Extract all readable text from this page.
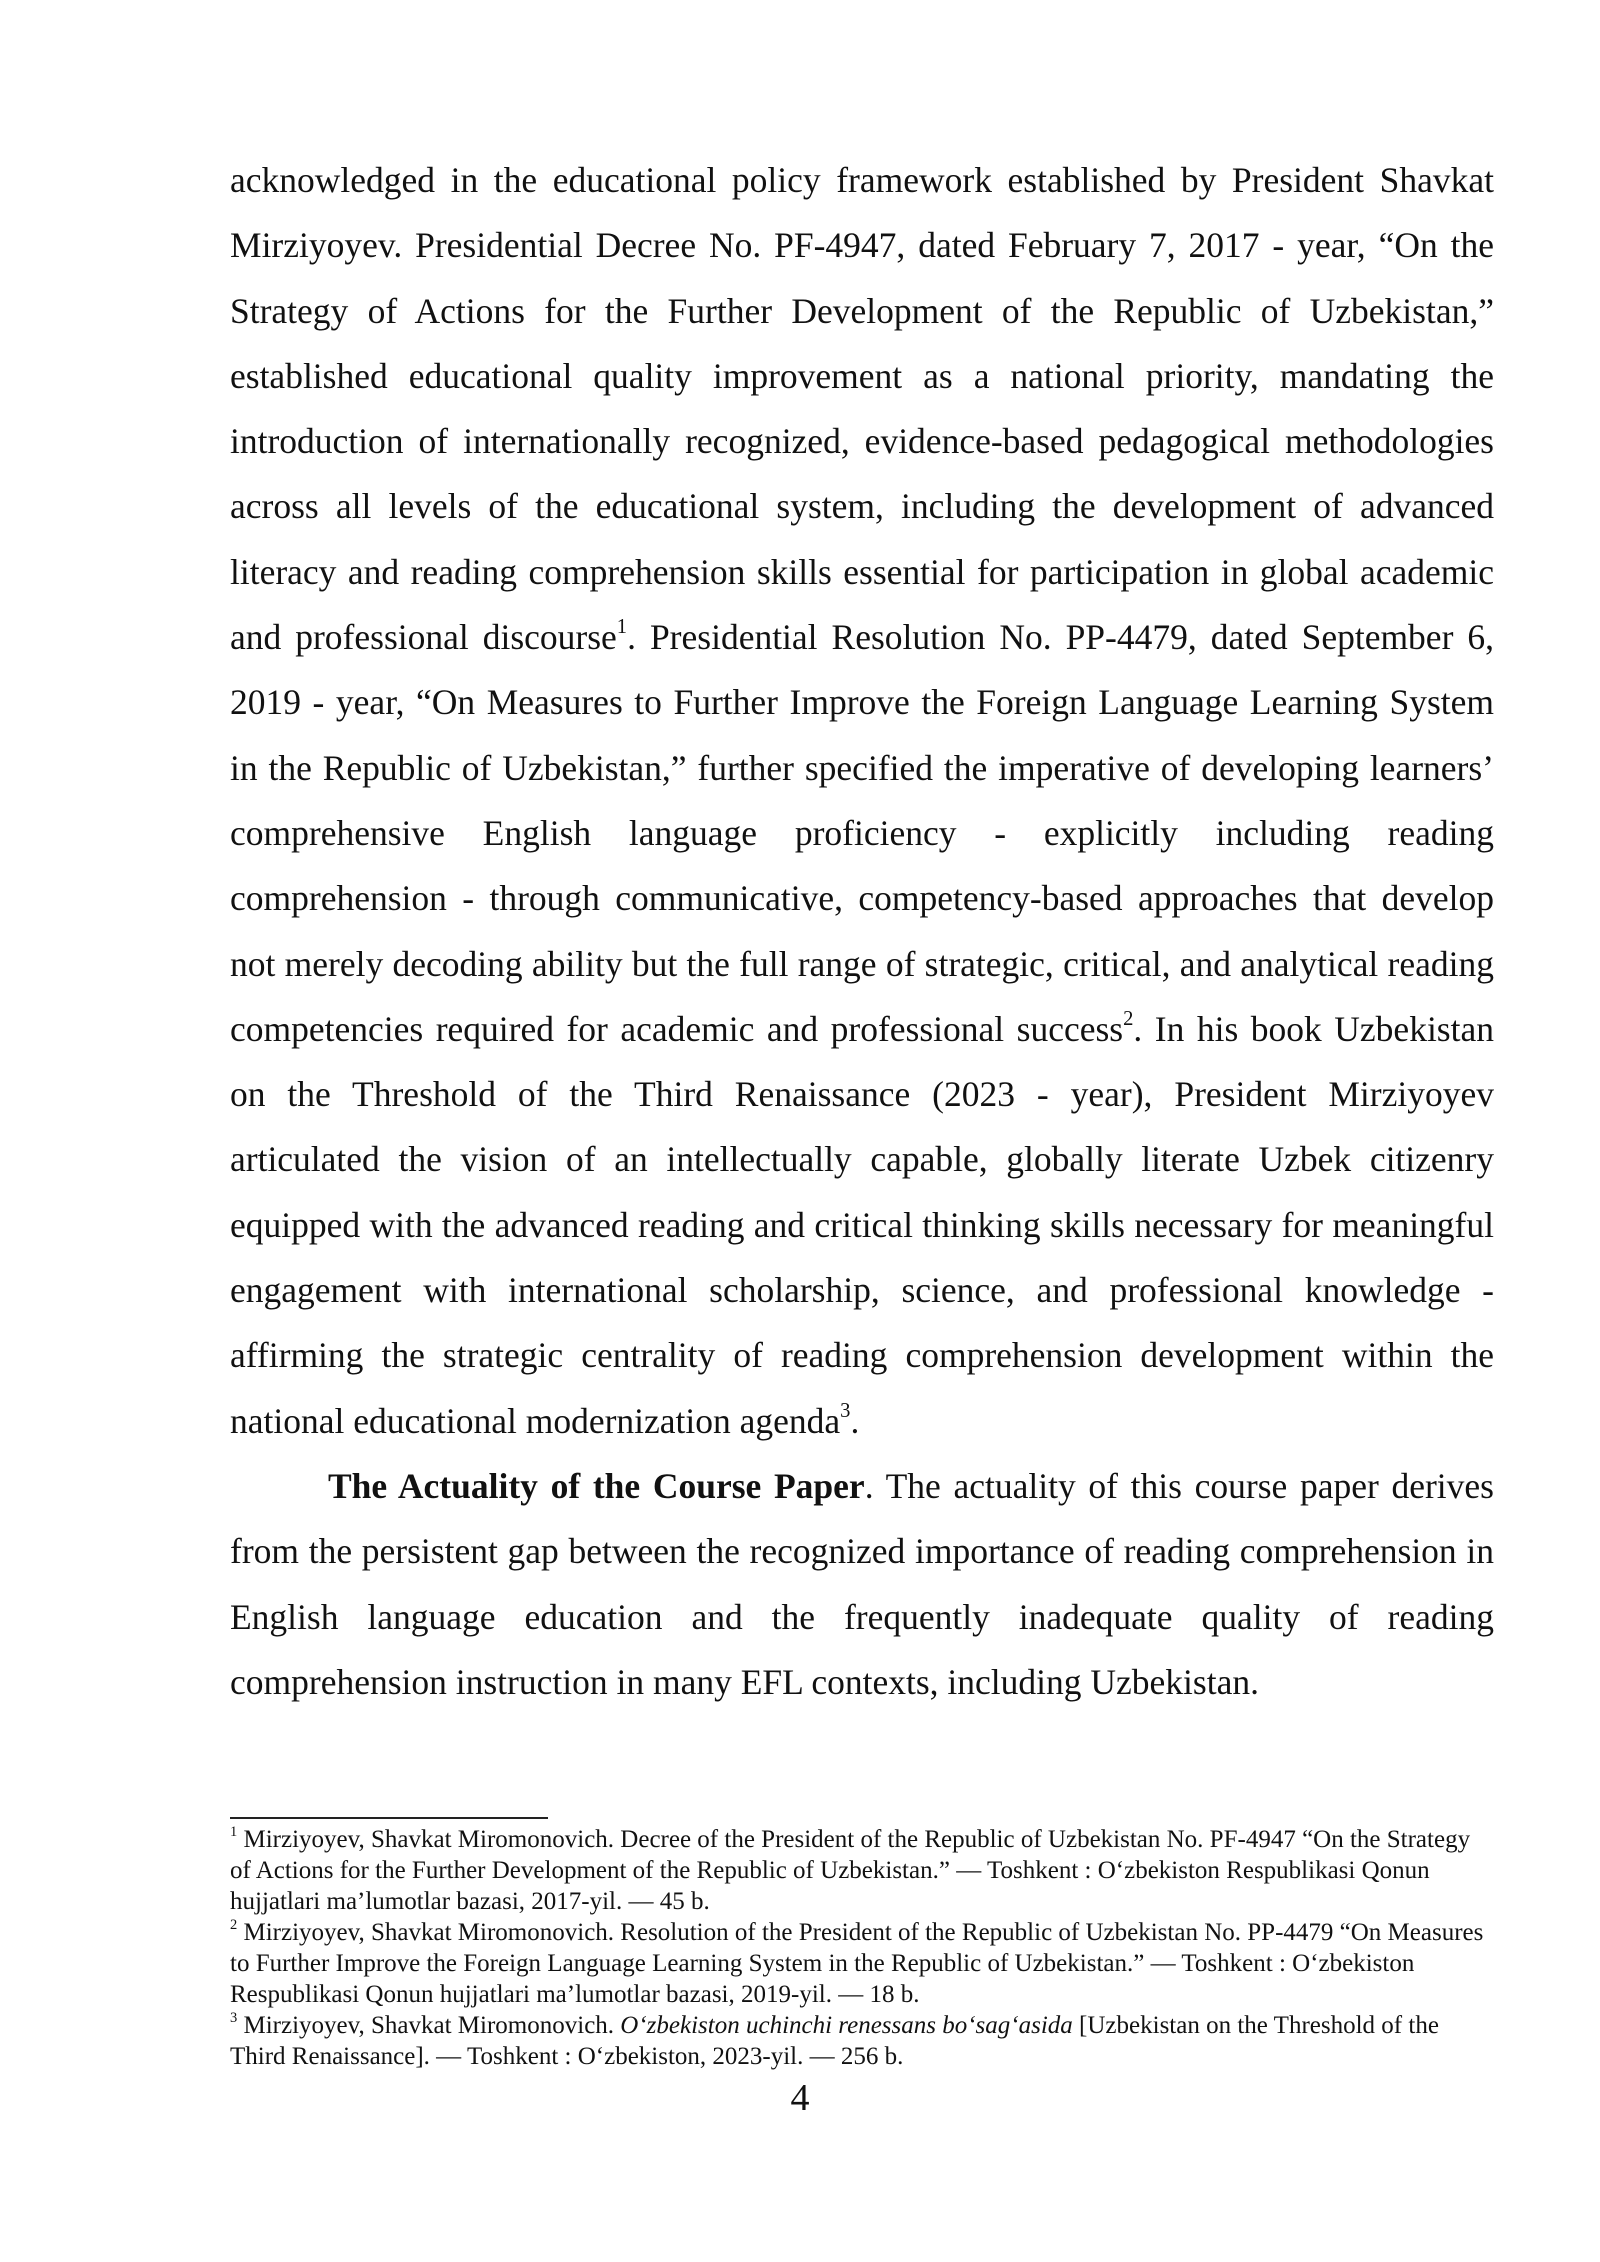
acknowledged in the educational policy framework established by President Shavkat Mirziyoyev. Presidential Decree No. PF-4947, dated February 7, 2017 - year, “On the Strategy of Actions for the Further Development of the Republic of Uzbekistan,” established educational quality improvement as a national priority, mandating the introduction of internationally recognized, evidence-based pedagogical methodologies across all levels of the educational system, including the development of advanced literacy and reading comprehension skills essential for participation in global academic and professional discourse$^1$. Presidential Resolution No. PP-4479, dated September 6, 2019 - year, “On Measures to Further Improve the Foreign Language Learning System in the Republic of Uzbekistan,” further specified the imperative of developing learners’ comprehensive English language proficiency - explicitly including reading comprehension - through communicative, competency-based approaches that develop not merely decoding ability but the full range of strategic, critical, and analytical reading competencies required for academic and professional success$^2$. In his book Uzbekistan on the Threshold of the Third Renaissance (2023 - year), President Mirziyoyev articulated the vision of an intellectually capable, globally literate Uzbek citizenry equipped with the advanced reading and critical thinking skills necessary for meaningful engagement with international scholarship, science, and professional knowledge - affirming the strategic centrality of reading comprehension development within the national educational modernization agenda$^3$.

The Actuality of the Course Paper. The actuality of this course paper derives from the persistent gap between the recognized importance of reading comprehension in English language education and the frequently inadequate quality of reading comprehension instruction in many EFL contexts, including Uzbekistan.

$^1$ Mirziyoyev, Shavkat Miromonovich. Decree of the President of the Republic of Uzbekistan No. PF-4947 “On the Strategy of Actions for the Further Development of the Republic of Uzbekistan.” — Toshkent : O‘zbekiston Respublikasi Qonun hujjatlari ma’lumotlar bazasi, 2017-yil. — 45 b.

$^2$ Mirziyoyev, Shavkat Miromonovich. Resolution of the President of the Republic of Uzbekistan No. PP-4479 “On Measures to Further Improve the Foreign Language Learning System in the Republic of Uzbekistan.” — Toshkent : O‘zbekiston Respublikasi Qonun hujjatlari ma’lumotlar bazasi, 2019-yil. — 18 b.

$^3$ Mirziyoyev, Shavkat Miromonovich. O‘zbekiston uchinchi renessans bo‘sag‘asida [Uzbekistan on the Threshold of the Third Renaissance]. — Toshkent : O‘zbekiston, 2023-yil. — 256 b.

4
